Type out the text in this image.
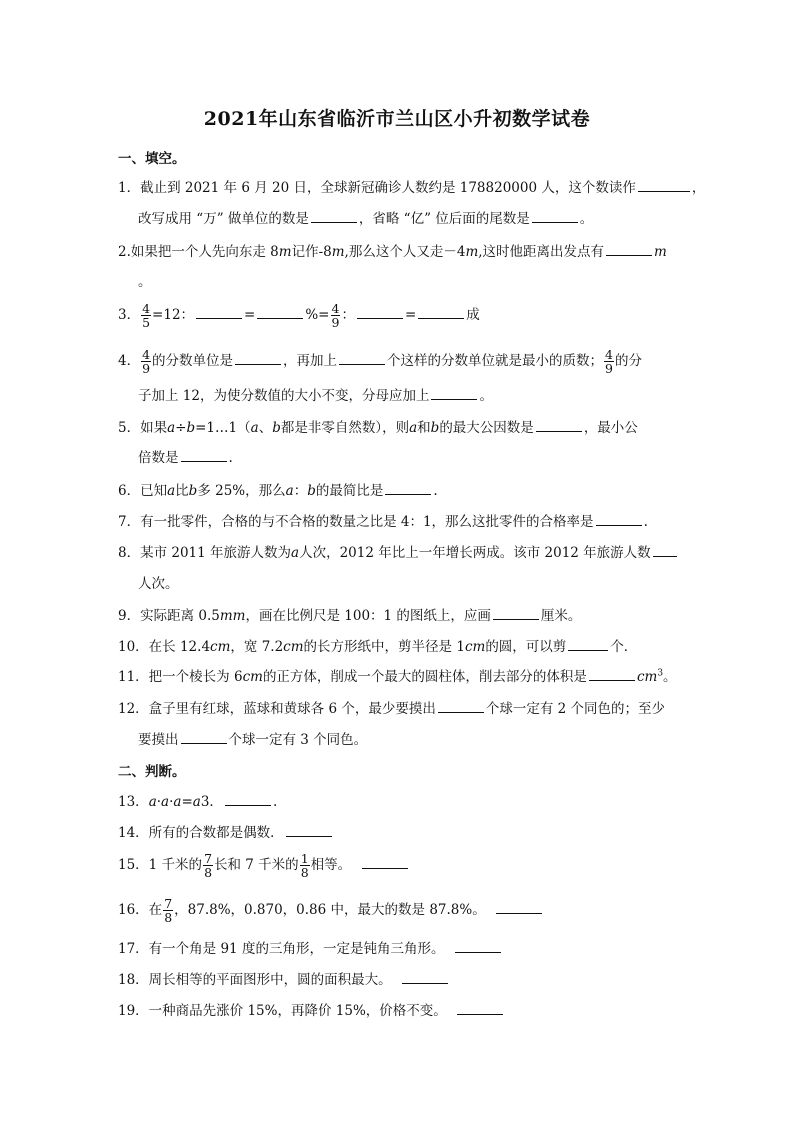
2021年山东省临沂市兰山区小升初数学试卷
一、填空。
1．截止到 2021 年 6 月 20 日，全球新冠确诊人数约是 178820000 人，这个数读作	，
改写成用 “万” 做单位的数是	，省略 “亿” 位后面的尾数是	。
2.如果把一个人先向东走 8m记作-8m,那么这个人又走－4m,这时他距离出发点有	m
。
3． $\frac{4}{5} =12$：	=	%= $\frac{4}{9}$ ：	=	成
4． $\frac{4}{9}$ 的分数单位是	，再加上	个这样的分数单位就是最小的质数； $\frac{4}{9}$ 的分
子加上 12，为使分数值的大小不变，分母应加上	。
5．如果a÷b=1…1（a、b都是非零自然数），则a和b的最大公因数是	，最小公
倍数是	.
6．已知a比b多 25%，那么a：b的最简比是	.
7．有一批零件，合格的与不合格的数量之比是 4：1，那么这批零件的合格率是	.
8．某市 2011 年旅游人数为a人次，2012 年比上一年增长两成。该市 2012 年旅游人数
人次。
9．实际距离 0.5mm，画在比例尺是 100：1 的图纸上，应画	厘米。
10．在长 12.4cm，宽 7.2cm的长方形纸中，剪半径是 1cm的圆，可以剪	个．
11．把一个棱长为 6cm的正方体，削成一个最大的圆柱体，削去部分的体积是	$cm^3$。
12．盒子里有红球，蓝球和黄球各 6 个，最少要摸出	个球一定有 2 个同色的；至少
要摸出	个球一定有 3 个同色。
二、判断。
13．a·a·a=a3．	.
14．所有的合数都是偶数．
15．1 千米的 $\frac{7}{8}$ 长和 7 千米的 $\frac{1}{8}$ 相等。
16．在 $\frac{7}{8}$ ，87.8%，0.870，0.86 中，最大的数是 87.8%。
17．有一个角是 91 度的三角形，一定是钝角三角形。
18．周长相等的平面图形中，圆的面积最大。
19．一种商品先涨价 15%，再降价 15%，价格不变。
